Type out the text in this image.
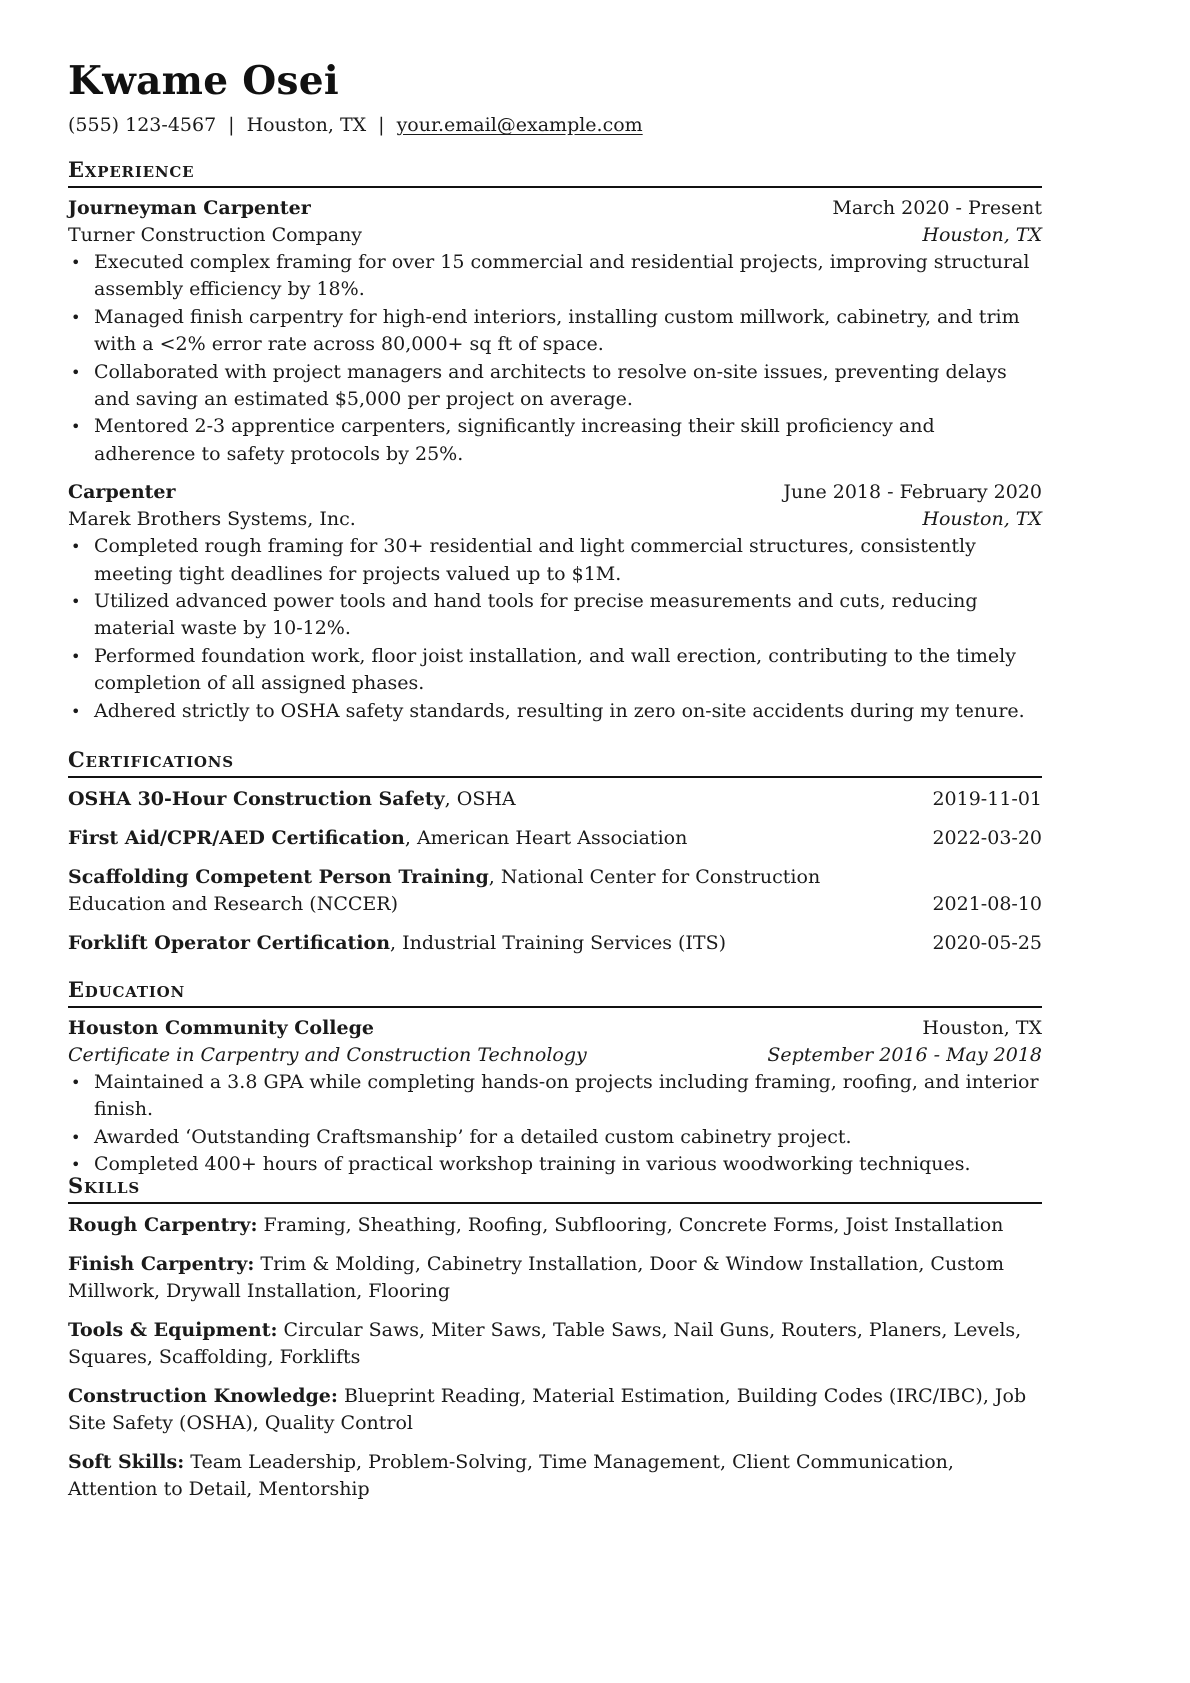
Kwame Osei
(555) 123-4567 | Houston, TX | your.email@example.com
Experience
Journeyman Carpenter	March 2020 - Present
Turner Construction Company	Houston, TX
• Executed complex framing for over 15 commercial and residential projects, improving structural assembly efficiency by 18%.
• Managed finish carpentry for high-end interiors, installing custom millwork, cabinetry, and trim with a <2% error rate across 80,000+ sq ft of space.
• Collaborated with project managers and architects to resolve on-site issues, preventing delays and saving an estimated $5,000 per project on average.
• Mentored 2-3 apprentice carpenters, significantly increasing their skill proficiency and adherence to safety protocols by 25%.
Carpenter	June 2018 - February 2020
Marek Brothers Systems, Inc.	Houston, TX
• Completed rough framing for 30+ residential and light commercial structures, consistently meeting tight deadlines for projects valued up to $1M.
• Utilized advanced power tools and hand tools for precise measurements and cuts, reducing material waste by 10-12%.
• Performed foundation work, floor joist installation, and wall erection, contributing to the timely completion of all assigned phases.
• Adhered strictly to OSHA safety standards, resulting in zero on-site accidents during my tenure.
Certifications
OSHA 30-Hour Construction Safety, OSHA	2019-11-01
First Aid/CPR/AED Certification, American Heart Association	2022-03-20
Scaffolding Competent Person Training, National Center for Construction Education and Research (NCCER)	2021-08-10
Forklift Operator Certification, Industrial Training Services (ITS)	2020-05-25
Education
Houston Community College	Houston, TX
Certificate in Carpentry and Construction Technology	September 2016 - May 2018
• Maintained a 3.8 GPA while completing hands-on projects including framing, roofing, and interior finish.
• Awarded ‘Outstanding Craftsmanship’ for a detailed custom cabinetry project.
• Completed 400+ hours of practical workshop training in various woodworking techniques.
Skills
Rough Carpentry: Framing, Sheathing, Roofing, Subflooring, Concrete Forms, Joist Installation
Finish Carpentry: Trim & Molding, Cabinetry Installation, Door & Window Installation, Custom Millwork, Drywall Installation, Flooring
Tools & Equipment: Circular Saws, Miter Saws, Table Saws, Nail Guns, Routers, Planers, Levels, Squares, Scaffolding, Forklifts
Construction Knowledge: Blueprint Reading, Material Estimation, Building Codes (IRC/IBC), Job Site Safety (OSHA), Quality Control
Soft Skills: Team Leadership, Problem-Solving, Time Management, Client Communication, Attention to Detail, Mentorship
